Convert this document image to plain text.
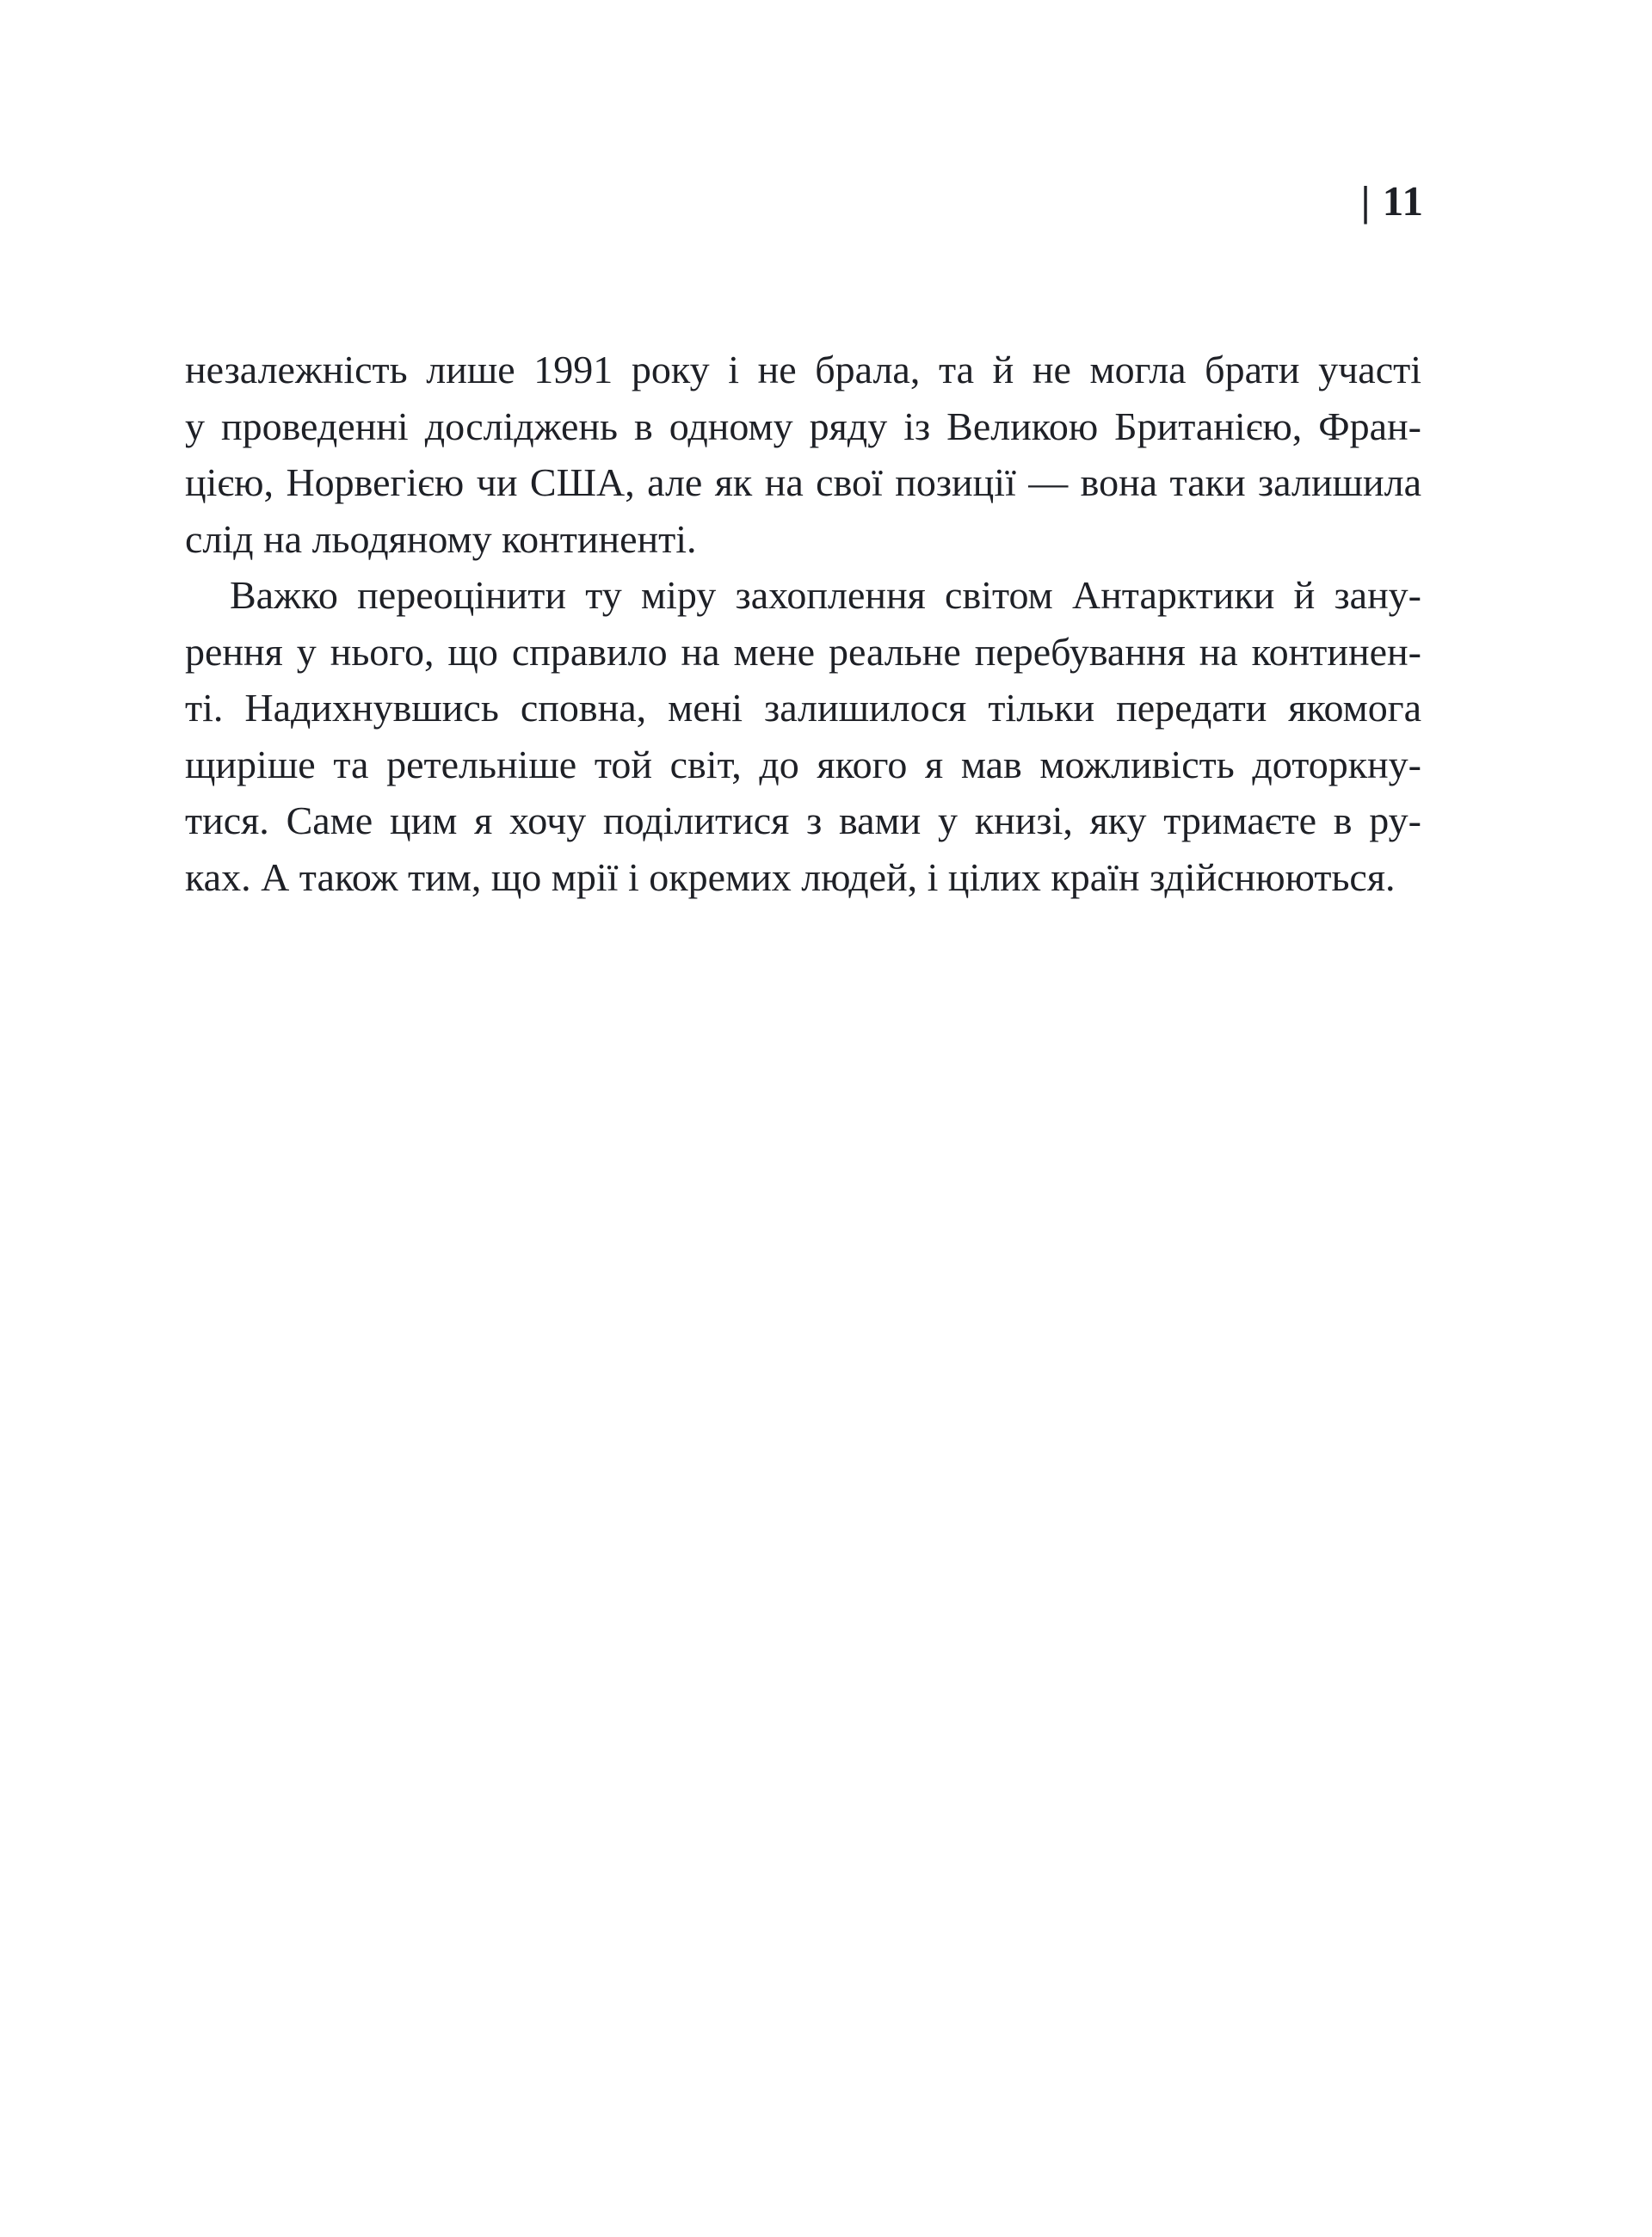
| 11
незалежність лише 1991 року і не брала, та й не могла брати участі
у проведенні досліджень в одному ряду із Великою Британією, Фран-
цією, Норвегією чи США, але як на свої позиції — вона таки залишила
слід на льодяному континенті.
Важко переоцінити ту міру захоплення світом Антарктики й зану-
рення у нього, що справило на мене реальне перебування на континен-
ті. Надихнувшись сповна, мені залишилося тільки передати якомога
щиріше та ретельніше той світ, до якого я мав можливість доторкну-
тися. Саме цим я хочу поділитися з вами у книзі, яку тримаєте в ру-
ках. А також тим, що мрії і окремих людей, і цілих країн здійснюються.
